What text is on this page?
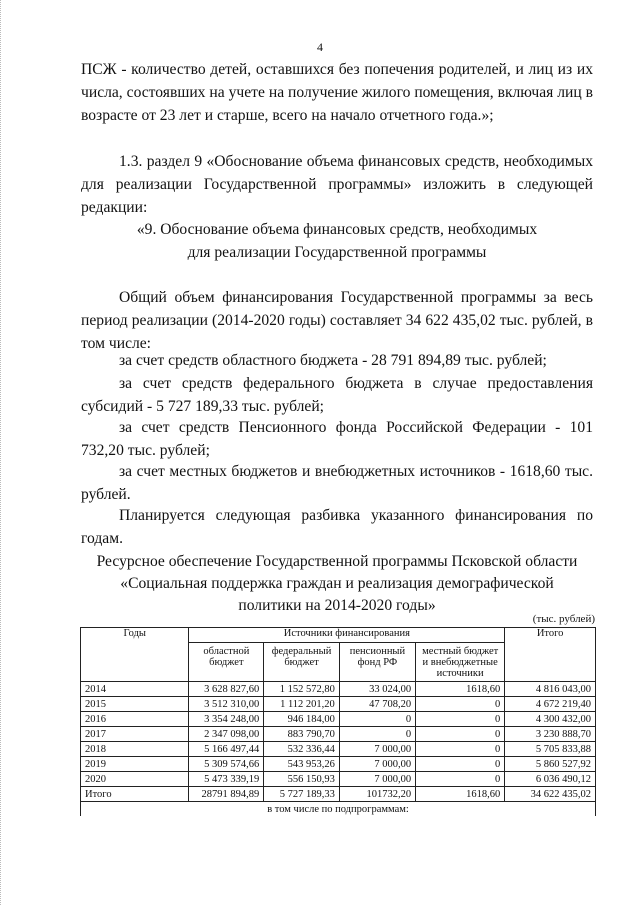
4
ПСЖ - количество детей, оставшихся без попечения родителей, и лиц из их числа, состоявших на учете на получение жилого помещения, включая лиц в возрасте от 23 лет и старше, всего на начало отчетного года.»;
1.3. раздел 9 «Обоснование объема финансовых средств, необходимых для реализации Государственной программы» изложить в следующей редакции:
«9. Обоснование объема финансовых средств, необходимых
для реализации Государственной программы
Общий объем финансирования Государственной программы за весь период реализации (2014-2020 годы) составляет 34 622 435,02 тыс. рублей, в том числе:
за счет средств областного бюджета - 28 791 894,89 тыс. рублей;
за счет средств федерального бюджета в случае предоставления субсидий - 5 727 189,33 тыс. рублей;
за счет средств Пенсионного фонда Российской Федерации - 101 732,20 тыс. рублей;
за счет местных бюджетов и внебюджетных источников - 1618,60 тыс. рублей.
Планируется следующая разбивка указанного финансирования по годам.
Ресурсное обеспечение Государственной программы Псковской области
«Социальная поддержка граждан и реализация демографической
политики на 2014-2020 годы»
(тыс. рублей)
Годы	Источники финансирования				Итого
	областной бюджет	федеральный бюджет	пенсионный фонд РФ	местный бюджет и внебюджетные источники	
2014	3 628 827,60	1 152 572,80	33 024,00	1618,60	4 816 043,00
2015	3 512 310,00	1 112 201,20	47 708,20	0	4 672 219,40
2016	3 354 248,00	946 184,00	0	0	4 300 432,00
2017	2 347 098,00	883 790,70	0	0	3 230 888,70
2018	5 166 497,44	532 336,44	7 000,00	0	5 705 833,88
2019	5 309 574,66	543 953,26	7 000,00	0	5 860 527,92
2020	5 473 339,19	556 150,93	7 000,00	0	6 036 490,12
Итого	28791 894,89	5 727 189,33	101732,20	1618,60	34 622 435,02
в том числе по подпрограммам:					
